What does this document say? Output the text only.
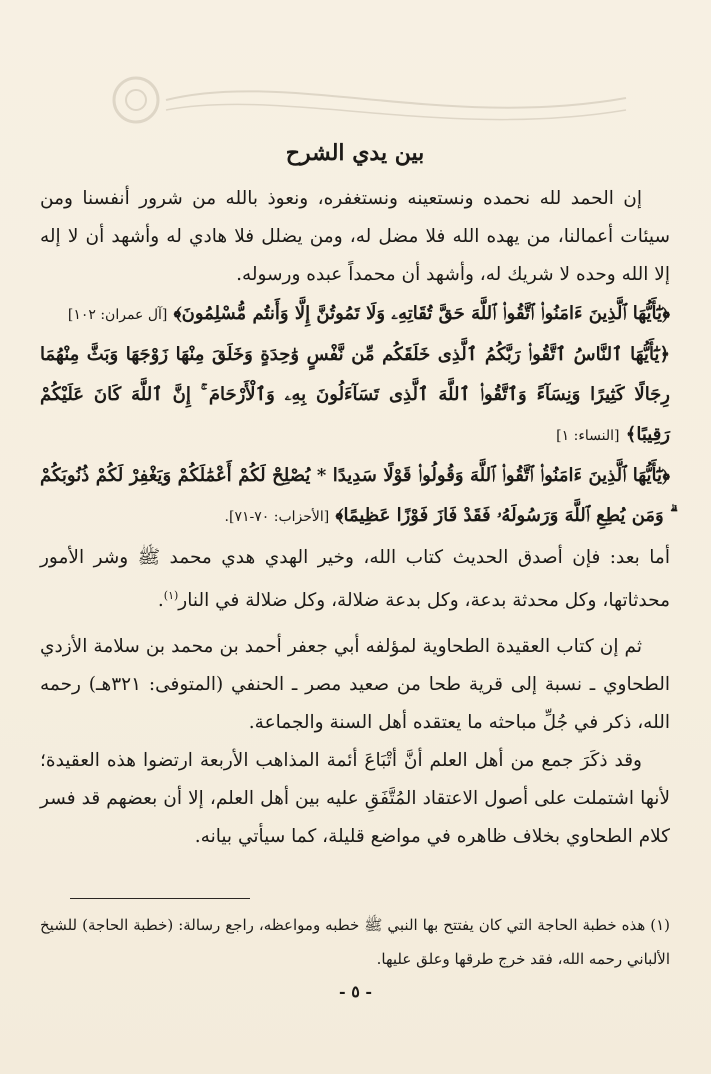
بين يدي الشرح

إن الحمد لله نحمده ونستعينه ونستغفره، ونعوذ بالله من شرور أنفسنا ومن سيئات أعمالنا، من يهده الله فلا مضل له، ومن يضلل فلا هادي له وأشهد أن لا إله إلا الله وحده لا شريك له، وأشهد أن محمداً عبده ورسوله.

﴿يَٰٓأَيُّهَا ٱلَّذِينَ ءَامَنُوا۟ ٱتَّقُوا۟ ٱللَّهَ حَقَّ تُقَاتِهِۦ وَلَا تَمُوتُنَّ إِلَّا وَأَنتُم مُّسْلِمُونَ﴾ [آل عمران: ١٠٢]

﴿يَٰٓأَيُّهَا ٱلنَّاسُ ٱتَّقُوا۟ رَبَّكُمُ ٱلَّذِى خَلَقَكُم مِّن نَّفْسٍ وَٰحِدَةٍ وَخَلَقَ مِنْهَا زَوْجَهَا وَبَثَّ مِنْهُمَا رِجَالًا كَثِيرًا وَنِسَآءً وَٱتَّقُوا۟ ٱللَّهَ ٱلَّذِى تَسَآءَلُونَ بِهِۦ وَٱلْأَرْحَامَ ۚ إِنَّ ٱللَّهَ كَانَ عَلَيْكُمْ رَقِيبًا﴾ [النساء: ١]

﴿يَٰٓأَيُّهَا ٱلَّذِينَ ءَامَنُوا۟ ٱتَّقُوا۟ ٱللَّهَ وَقُولُوا۟ قَوْلًا سَدِيدًا * يُصْلِحْ لَكُمْ أَعْمَٰلَكُمْ وَيَغْفِرْ لَكُمْ ذُنُوبَكُمْ ۗ وَمَن يُطِعِ ٱللَّهَ وَرَسُولَهُۥ فَقَدْ فَازَ فَوْزًا عَظِيمًا﴾ [الأحزاب: ٧٠-٧١].

أما بعد: فإن أصدق الحديث كتاب الله، وخير الهدي هدي محمد ﷺ وشر الأمور محدثاتها، وكل محدثة بدعة، وكل بدعة ضلالة، وكل ضلالة في النار$^{(١)}$.

ثم إن كتاب العقيدة الطحاوية لمؤلفه أبي جعفر أحمد بن محمد بن سلامة الأزدي الطحاوي ـ نسبة إلى قرية طحا من صعيد مصر ـ الحنفي (المتوفى: ٣٢١هـ) رحمه الله، ذكر في جُلِّ مباحثه ما يعتقده أهل السنة والجماعة.

وقد ذكَرَ جمع من أهل العلم أنَّ أتْبَاعَ أئمة المذاهب الأربعة ارتضوا هذه العقيدة؛ لأنها اشتملت على أصول الاعتقاد المُتَّفَقِ عليه بين أهل العلم، إلا أن بعضهم قد فسر كلام الطحاوي بخلاف ظاهره في مواضع قليلة، كما سيأتي بيانه.

(١) هذه خطبة الحاجة التي كان يفتتح بها النبي ﷺ خطبه ومواعظه، راجع رسالة: (خطبة الحاجة) للشيخ الألباني رحمه الله، فقد خرج طرقها وعلق عليها.
- ٥ -
